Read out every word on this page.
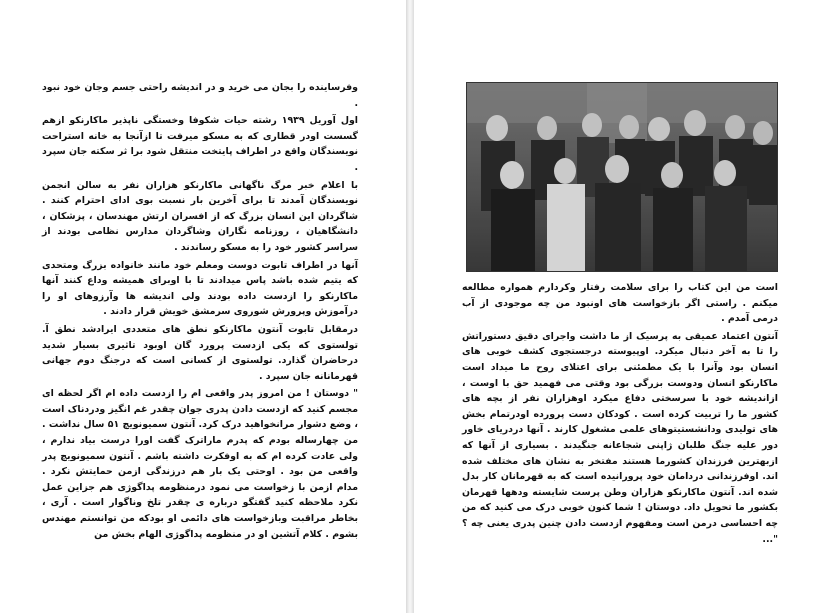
وفرسایندە را بجان می خرید و در اندیشه راحتی جسم وجان خود نبود .

اول آوریل ۱۹۳۹ رشته حیات شکوفا وخستگی ناپذیر ماکارنکو ازهم گسست اودر قطاری که به مسکو میرفت تا ازآنجا به خانه استراحت نویسندگان واقع در اطراف پایتخت منتقل شود برا ثر سکته جان سپرد .

با اعلام خبر مرگ ناگهانی ماکارنکو هزاران نفر به سالن انجمن نویسندگان آمدند تا برای آخرین بار نسبت بوی ادای احترام کنند . شاگردان این انسان بزرگ که از افسران ارتش مهندسان ، پزشکان ، دانشگاهیان ، روزنامه نگاران وشاگردان مدارس نظامی بودند از سراسر کشور خود را به مسکو رساندند .

آنها در اطراف تابوت دوست ومعلم خود مانند خانواده بزرگ ومتحدی که یتیم شده باشد پاس میدادند تا با اوبرای همیشه وداع کنند آنها ماکارنکو را ازدست داده بودند ولی اندیشه ها وآرزوهای او را درآموزش وپرورش شوروی سرمشق خویش قرار دادند .

درمقابل تابوت آنتون ماکارنکو نطق های متعددی ایرادشد نطق آ. تولستوی که یکی ازدست پرورد گان اوبود تاثیری بسیار شدید درحاضران گذارد. تولستوی از کسانی است که درجنگ دوم جهانی قهرمانانه جان سپرد .

" دوستان ! من امروز پدر واقعی ام را ازدست داده ام اگر لحظه ای مجسم کنید که ازدست دادن پدری جوان چقدر غم انگیز ودردناک است ، وضع دشوار مرانخواهید درک کرد. آنتون سمیونویچ ۵۱ سال نداشت . من چهارساله بودم که پدرم ماراترک گفت اورا درست بیاد ندارم ، ولی عادت کرده ام که به اوفکرت داشته باشم . آنتون سمیونویچ پدر واقعی من بود . اوحتی یک بار هم درزندگی ازمن حمایتش نکرد . مدام ازمن با زخواست می نمود درمنظومه پداگوژی هم جزاین عمل نکرد ملاحظه کنید گفتگو درباره ی چقدر تلخ وناگوار است . آری ، بخاطر مراقبت وبازخواست های دائمی او بودکه من توانستم مهندس بشوم . کلام آتشین او در منظومه پداگوژی الهام بخش من

است من این کتاب را برای سلامت رفتار وکردارم همواره مطالعه میکنم . راستی اگر بازخواست های اونبود من چه موجودی از آب درمی آمدم .

آنتون اعتماد عمیقی به پرسیک از ما داشت واجرای دقیق دستوراتش را تا به آخر دنبال میکرد. اوپیوسته درجستجوی کشف خوبی های انسان بود وآنرا با یک مطمئنی برای اعتلای روح ما میداد است ماکارنکو انسان ودوست بزرگی بود وقتی می فهمید حق با اوست ، ازاندیشه خود با سرسختی دفاع میکرد اوهزاران نفر از بچه های کشور ما را تربیت کرده است . کودکان دست پرورده اودرتمام بخش های تولیدی ودانشستیتوهای علمی مشغول کارند . آنها دردریای خاور دور علیه جنگ طلبان ژاپنی شجاعانه جنگیدند . بسیاری از آنها که ازبهترین فرزندان کشورما هستند مفتخر به نشان های مختلف شده اند. اوفرزندانی دردامان خود پرورانیده است که به قهرمانان کار بدل شده اند. آنتون ماکارنکو هزاران وطن پرست شایسته ودهها قهرمان بکشور ما تحویل داد. دوستان ! شما کنون خوبی درک می کنید که من چه احساسی درمن است ومفهوم ازدست دادن چنین پدری یعنی چه ؟ "...
